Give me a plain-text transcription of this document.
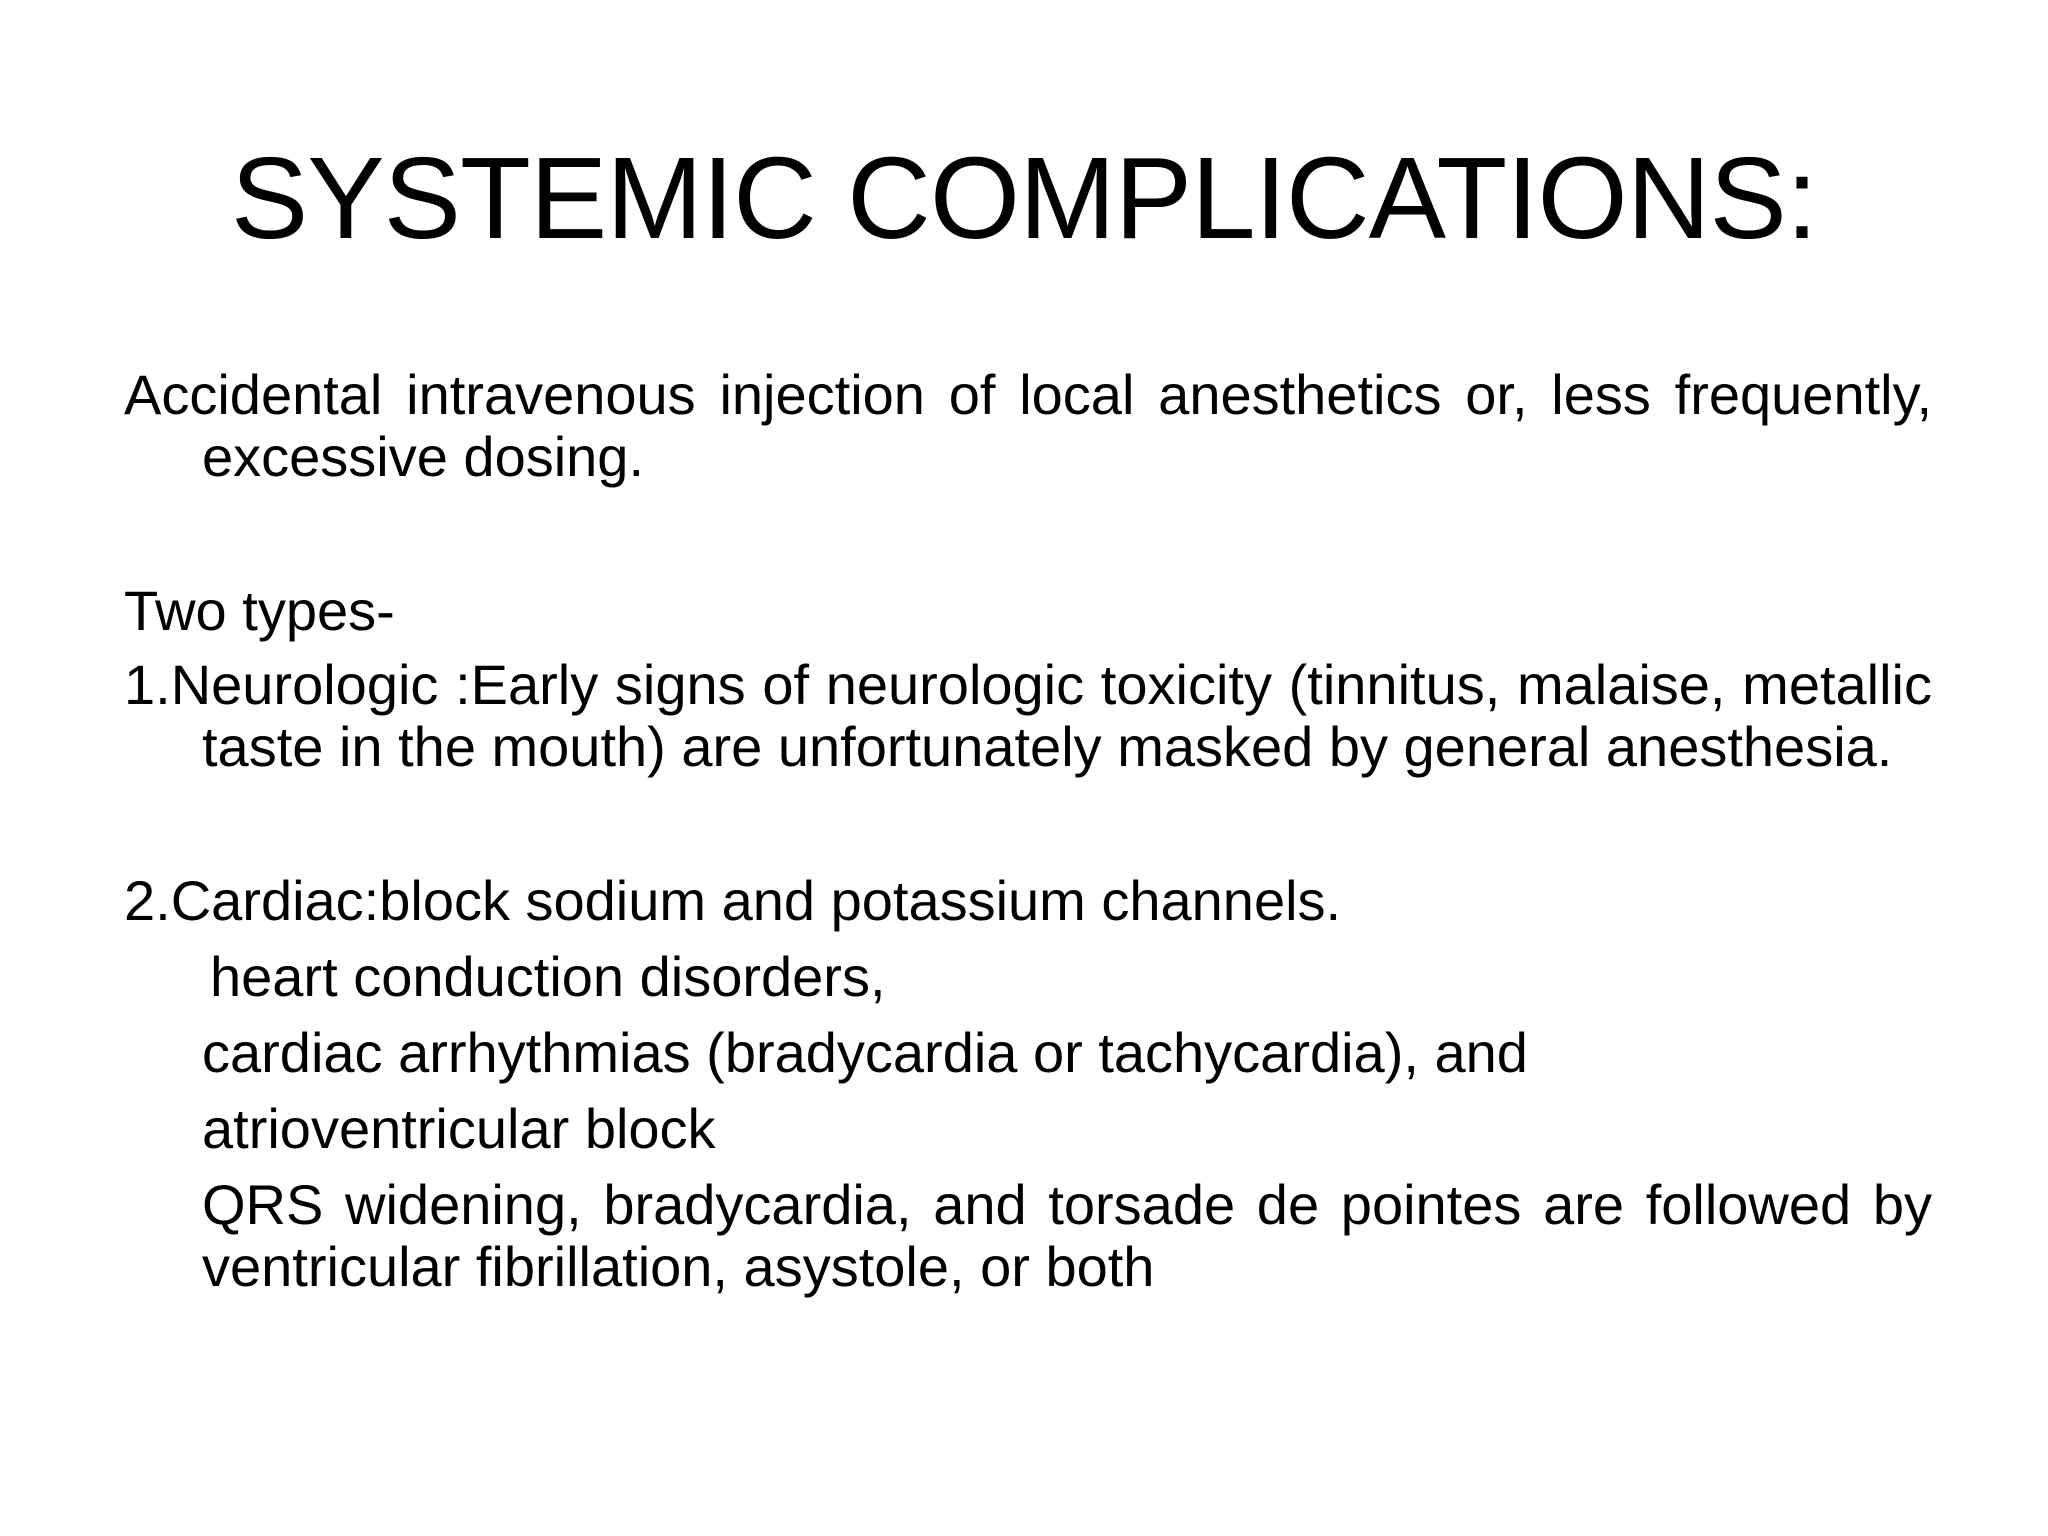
SYSTEMIC COMPLICATIONS:

Accidental intravenous injection of local anesthetics or, less frequently, excessive dosing.

Two types-

1.Neurologic :Early signs of neurologic toxicity (tinnitus, malaise, metallic taste in the mouth) are unfortunately masked by general anesthesia.

2.Cardiac:block sodium and potassium channels.

heart conduction disorders,

cardiac arrhythmias (bradycardia or tachycardia), and

atrioventricular block

QRS widening, bradycardia, and torsade de pointes are followed by ventricular fibrillation, asystole, or both
